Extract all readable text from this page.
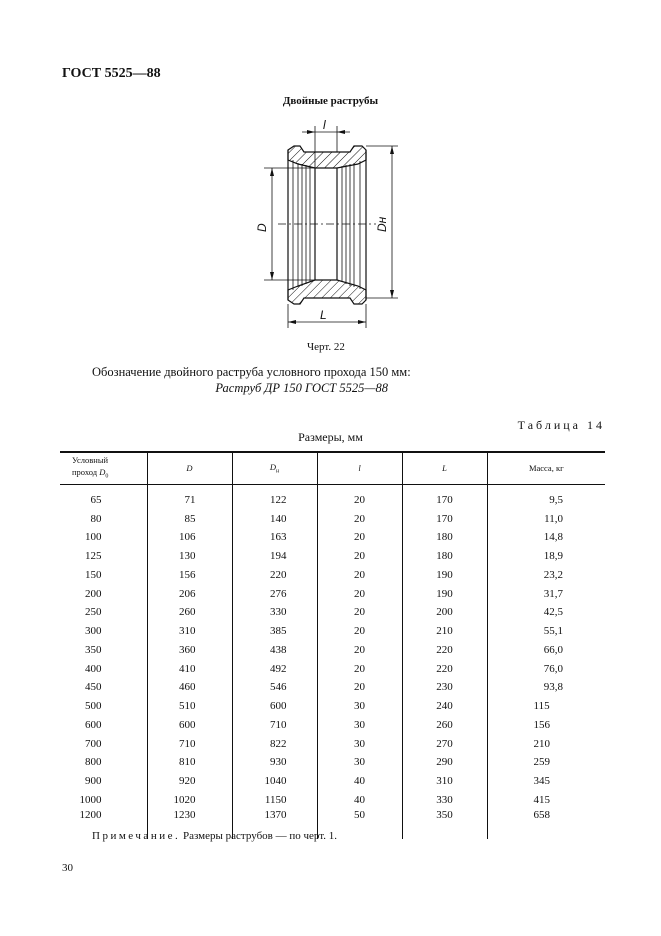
ГОСТ 5525—88
Двойные раструбы
l
L
D	Dн
Черт. 22
Обозначение двойного раструба условного прохода 150 мм:
Раструб ДР 150 ГОСТ 5525—88
Таблица 14
Размеры, мм
Условный
проход $D_0$	D	$D_н$	l	L	Масса, кг
65	71	122	20	170	9,5
80	85	140	20	170	11,0
100	106	163	20	180	14,8
125	130	194	20	180	18,9
150	156	220	20	190	23,2
200	206	276	20	190	31,7
250	260	330	20	200	42,5
300	310	385	20	210	55,1
350	360	438	20	220	66,0
400	410	492	20	220	76,0
450	460	546	20	230	93,8
500	510	600	30	240	115
600	600	710	30	260	156
700	710	822	30	270	210
800	810	930	30	290	259
900	920	1040	40	310	345
1000	1020	1150	40	330	415
1200	1230	1370	50	350	658
Примечание. Размеры раструбов — по черт. 1.
30
